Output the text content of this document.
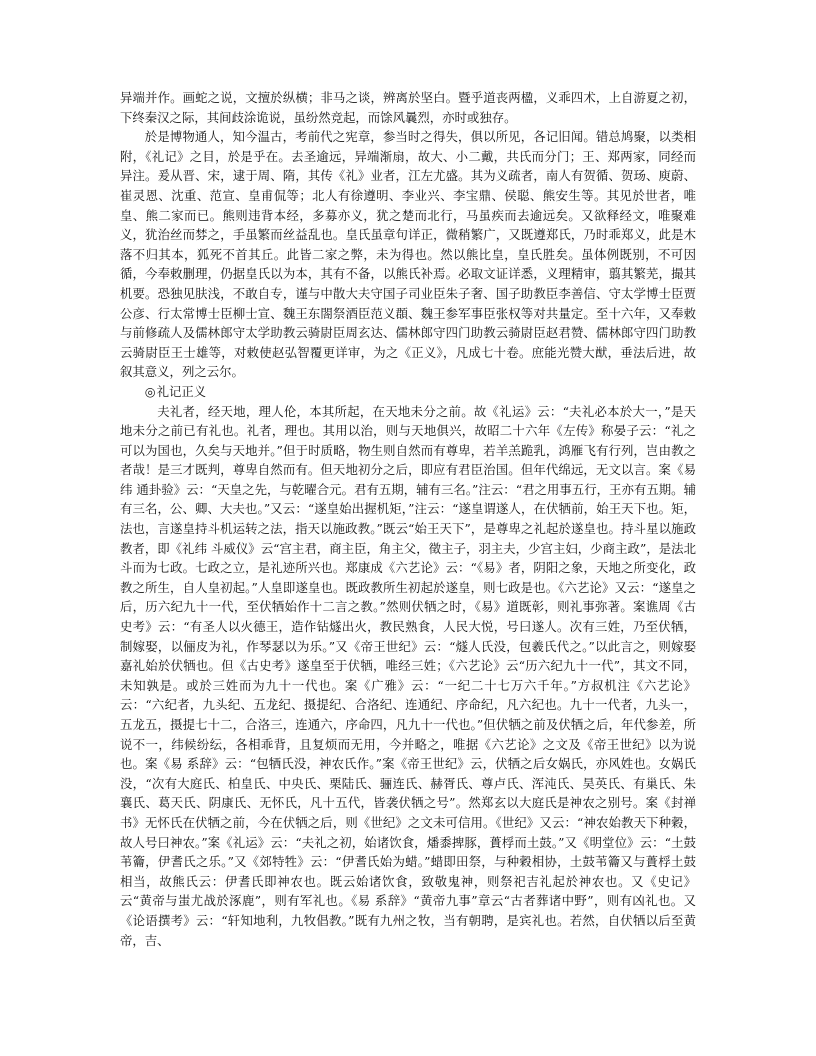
异端并作。画蛇之说，文擅於纵横；非马之谈，辨离於坚白。暨乎道丧两楹，义乖四术，上自游夏之初，下终秦汉之际，其间歧涂诡说，虽纷然竞起，而馀风曩烈，亦时或独存。

於是博物通人，知今温古，考前代之宪章，参当时之得失，俱以所见，各记旧闻。错总鸠聚，以类相附，《礼记》之目，於是乎在。去圣逾远，异端渐扇，故大、小二戴，共氏而分门；王、郑两家，同经而异注。爰从晋、宋，逮于周、隋，其传《礼》业者，江左尤盛。其为义疏者，南人有贺循、贺玚、庾蔚、崔灵恩、沈重、范宣、皇甫侃等；北人有徐遵明、李业兴、李宝鼎、侯聪、熊安生等。其见於世者，唯皇、熊二家而已。熊则违背本经，多募亦义，犹之楚而北行，马虽疾而去逾远矣。又欲释经文，唯聚难义，犹治丝而棼之，手虽繁而丝益乱也。皇氏虽章句详正，微稍繁广，又既遵郑氏，乃时乖郑义，此是木落不归其本，狐死不首其丘。此皆二家之弊，未为得也。然以熊比皇，皇氏胜矣。虽体例既别，不可因循，今奉敕删理，仍据皇氏以为本，其有不备，以熊氏补焉。必取文证详悉，义理精审，翦其繁芜，撮其机要。恐独见肤浅，不敢自专，谨与中散大夫守国子司业臣朱子奢、国子助教臣李善信、守太学博士臣贾公彦、行太常博士臣柳士宣、魏王东閤祭酒臣范义頵、魏王参军事臣张权等对共量定。至十六年，又奉敕与前修疏人及儒林郎守太学助教云骑尉臣周玄达、儒林郎守四门助教云骑尉臣赵君赞、儒林郎守四门助教云骑尉臣王士雄等，对敕使赵弘智覆更详审，为之《正义》，凡成七十卷。庶能光赞大猷，垂法后进，故叙其意义，列之云尔。

◎礼记正义

夫礼者，经天地，理人伦，本其所起，在天地未分之前。故《礼运》云：“夫礼必本於大一，”是天地未分之前已有礼也。礼者，理也。其用以治，则与天地俱兴，故昭二十六年《左传》称晏子云：“礼之可以为国也，久矣与天地并。”但于时质略，物生则自然而有尊卑，若羊羔跪乳，鸿雁飞有行列，岂由教之者哉！是三才既判，尊卑自然而有。但天地初分之后，即应有君臣治国。但年代绵远，无文以言。案《易纬 通卦验》云：“天皇之先，与乾曜合元。君有五期，辅有三名。”注云：“君之用事五行，王亦有五期。辅有三名，公、卿、大夫也。”又云：“遂皇始出握机矩，”注云：“遂皇谓遂人，在伏牺前，始王天下也。矩，法也，言遂皇持斗机运转之法，指天以施政教。”既云“始王天下”，是尊卑之礼起於遂皇也。持斗星以施政教者，即《礼纬 斗威仪》云“宫主君，商主臣，角主父，徵主子，羽主夫，少宫主妇，少商主政”，是法北斗而为七政。七政之立，是礼迹所兴也。郑康成《六艺论》云：“《易》者，阴阳之象，天地之所变化，政教之所生，自人皇初起。”人皇即遂皇也。既政教所生初起於遂皇，则七政是也。《六艺论》又云：“遂皇之后，历六纪九十一代，至伏牺始作十二言之教。”然则伏牺之时，《易》道既彰，则礼事弥著。案谯周《古史考》云：“有圣人以火德王，造作钻燧出火，教民熟食，人民大悦，号曰遂人。次有三姓，乃至伏牺，制嫁娶，以俪皮为礼，作琴瑟以为乐。”又《帝王世纪》云：“燧人氏没，包羲氏代之。”以此言之，则嫁娶嘉礼始於伏牺也。但《古史考》遂皇至于伏牺，唯经三姓；《六艺论》云“历六纪九十一代”，其文不同，未知孰是。或於三姓而为九十一代也。案《广雅》云：“一纪二十七万六千年。”方叔机注《六艺论》云：“六纪者，九头纪、五龙纪、摄提纪、合洛纪、连通纪、序命纪，凡六纪也。九十一代者，九头一，五龙五，摄提七十二，合洛三，连通六，序命四，凡九十一代也。”但伏牺之前及伏牺之后，年代参差，所说不一，纬候纷纭，各相乖背，且复烦而无用，今并略之，唯据《六艺论》之文及《帝王世纪》以为说也。案《易 系辞》云：“包牺氏没，神农氏作。”案《帝王世纪》云，伏牺之后女娲氏，亦风姓也。女娲氏没，“次有大庭氏、柏皇氏、中央氏、栗陆氏、骊连氏、赫胥氏、尊卢氏、浑沌氏、昊英氏、有巢氏、朱襄氏、葛天氏、阴康氏、无怀氏，凡十五代，皆袭伏牺之号”。然郑玄以大庭氏是神农之别号。案《封禅书》无怀氏在伏牺之前，今在伏牺之后，则《世纪》之文未可信用。《世纪》又云：“神农始教天下种穀，故人号曰神农。”案《礼运》云：“夫礼之初，始诸饮食，燔黍捭豚，蕢桴而土鼓。”又《明堂位》云：“土鼓苇籥，伊耆氏之乐。”又《郊特牲》云：“伊耆氏始为蜡。”蜡即田祭，与种穀相协，土鼓苇籥又与蕢桴土鼓相当，故熊氏云：伊耆氏即神农也。既云始诸饮食，致敬鬼神，则祭祀吉礼起於神农也。又《史记》云“黄帝与蚩尤战於涿鹿”，则有军礼也。《易 系辞》“黄帝九事”章云“古者葬诸中野”，则有凶礼也。又《论语撰考》云：“轩知地利，九牧倡教。”既有九州之牧，当有朝聘，是宾礼也。若然，自伏牺以后至黄帝，吉、
